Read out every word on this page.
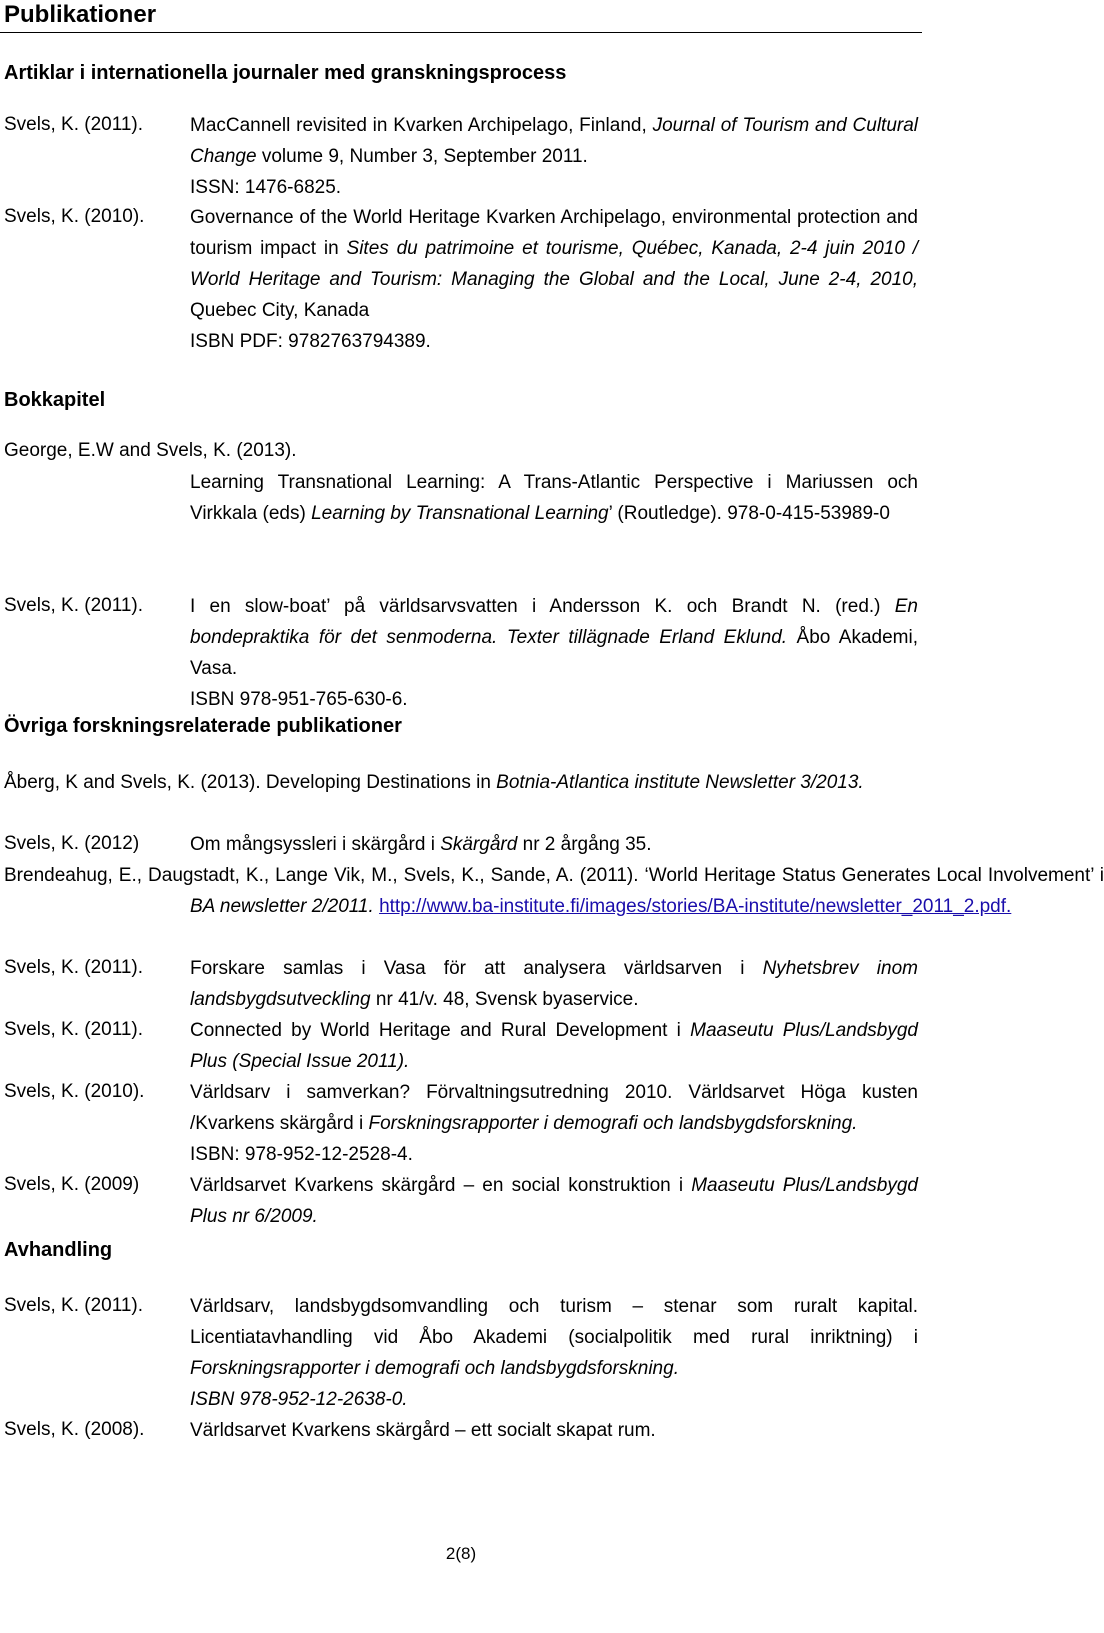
Publikationer
Artiklar i internationella journaler med granskningsprocess
Svels, K. (2011). MacCannell revisited in Kvarken Archipelago, Finland, Journal of Tourism and Cultural Change volume 9, Number 3, September 2011.
ISSN: 1476-6825.
Svels, K. (2010). Governance of the World Heritage Kvarken Archipelago, environmental protection and tourism impact in Sites du patrimoine et tourisme, Québec, Kanada, 2-4 juin 2010 / World Heritage and Tourism: Managing the Global and the Local, June 2-4, 2010, Quebec City, Kanada
ISBN PDF: 9782763794389.
Bokkapitel
George, E.W and Svels, K. (2013).
Learning Transnational Learning: A Trans-Atlantic Perspective i Mariussen och Virkkala (eds) Learning by Transnational Learning’ (Routledge). 978-0-415-53989-0
Svels, K. (2011). I en slow-boat’ på världsarvsvatten i Andersson K. och Brandt N. (red.) En bondepraktika för det senmoderna. Texter tillägnade Erland Eklund. Åbo Akademi, Vasa.
ISBN 978-951-765-630-6.
Övriga forskningsrelaterade publikationer
Åberg, K and Svels, K. (2013). Developing Destinations in Botnia-Atlantica institute Newsletter 3/2013.
Svels, K. (2012)	Om mångsyssleri i skärgård i Skärgård nr 2 årgång 35.
Brendeahug, E., Daugstadt, K., Lange Vik, M., Svels, K., Sande, A. (2011). ‘World Heritage Status Generates Local Involvement’ i BA newsletter 2/2011. http://www.ba-institute.fi/images/stories/BA-institute/newsletter_2011_2.pdf.
Svels, K. (2011). Forskare samlas i Vasa för att analysera världsarven i Nyhetsbrev inom landsbygdsutveckling nr 41/v. 48, Svensk byaservice.
Svels, K. (2011). Connected by World Heritage and Rural Development i Maaseutu Plus/Landsbygd Plus (Special Issue 2011).
Svels, K. (2010). Världsarv i samverkan? Förvaltningsutredning 2010. Världsarvet Höga kusten /Kvarkens skärgård i Forskningsrapporter i demografi och landsbygdsforskning.
ISBN: 978-952-12-2528-4.
Svels, K. (2009)	Världsarvet Kvarkens skärgård – en social konstruktion i Maaseutu Plus/Landsbygd Plus nr 6/2009.
Avhandling
Svels, K. (2011). Världsarv, landsbygdsomvandling och turism – stenar som ruralt kapital. Licentiatavhandling vid Åbo Akademi (socialpolitik med rural inriktning) i Forskningsrapporter i demografi och landsbygdsforskning.
ISBN 978-952-12-2638-0.
Svels, K. (2008). Världsarvet Kvarkens skärgård – ett socialt skapat rum.
2(8)
